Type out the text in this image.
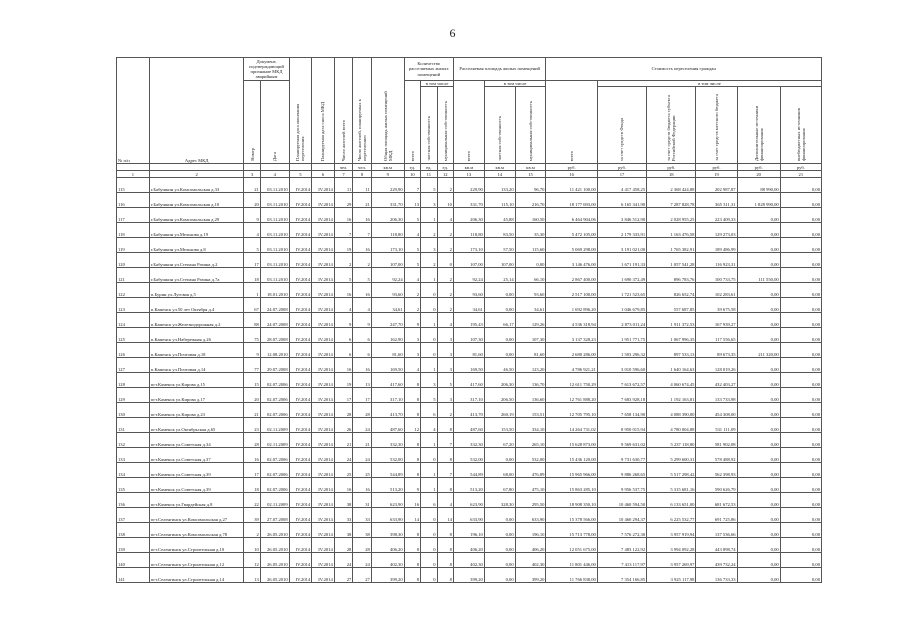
6
№ п/п	Адрес МКД	Документ, подтверждающий признание МКД аварийным		Планируемая дата окончания переселения	Планируемая дата сноса МКД	Число жителей всего	Число жителей, планируемых к переселению	Общая площадь жилых помещений МКД	Количество расселяемых жилых помещений			Расселяемая площадь жилых помещений			Стоимость переселения граждан					
		Номер	Дата						всего	в том числе		всего	в том числе		всего	в том числе				
										частная собственность	муниципальная собственность		частная собственность	муниципальная собственность		за счет средств Фонда	за счет средств бюджета субъекта Российской Федерации	за счет средств местного бюджета	Дополнительные источники финансирования	внебюджетных источников финансирования
						чел.	чел.	кв.м	ед.	ед.	ед.	кв.м	кв.м	кв.м	руб.	руб.	руб.	руб.	руб.	руб.
1	2	3	4	5	6	7	8	9	10	11	12	13	14	15	16	17	18	19	20	21
115	г.Бабушкин ул.Комсомольская д.33	21	03.11.2010	IV.2014	IV.2014	11	11	229,90	7	5	2	229,90	133,20	96,70	11 421 100,00	4 417 458,25	2 368 424,88	202 987,87	88 990,00	0,00
116	г.Бабушкин ул.Комсомольская д.10	20	03.11.2010	IV.2014	IV.2014	29	21	331,70	13	3	10	331,70	115,10	216,70	18 177 693,00	6 165 341,90	7 287 828,78	365 311,31	1 828 990,00	0,00
117	г.Бабушкин ул.Комсомольская д.29	9	03.11.2010	IV.2014	IV.2014	16	16	206,30	5	1	4	206,30	45,88	160,50	6 464 904,06	3 846 512,90	2 028 955,25	223 409,33	0,00	0,00
118	г.Бабушкин ул.Мелькова д.19	4	03.11.2010	IV.2014	IV.2014	7	7	118,80	4	2	2	118,80	83,50	35,30	5 472 105,00	2 179 333,91	1 163 476,58	129 273,03	0,00	0,00
119	г.Бабушкин ул.Мелькова д.8	5	03.11.2010	IV.2014	IV.2014	19	16	173,10	5	3	2	173,10	57,50	115,60	5 069 298,00	3 191 021,00	1 765 382,91	189 486,99	0,00	0,00
120	г.Бабушкин ул.Степана Разина д.2	17	03.11.2010	IV.2014	IV.2014	2	2	107,00	5	2	0	107,00	107,00	0,00	3 146 476,00	1 671 191,33	1 057 541,28	116 923,31	0,00	0,00
121	г.Бабушкин ул.Степана Разина д.7а	18	03.11.2010	IV.2014	IV.2014	5	5	92,24	4	1	2	92,24	25,14	66,10	2 867 400,00	1 690 372,49	896 783,76	100 733,75	111 550,00	0,00
122	п.Бурин ул.Луговая д.5	1	18.01.2010	IV.2014	IV.2014	16	16	93,60	2	0	2	93,60	0,00	93,60	2 517 100,00	1 721 523,65	826 652,74	102 283,61	0,00	0,00
123	п.Каменск ул.50 лет Октября д.4	67	24.07.2008	IV.2014	IV.2014	4	4	34,61	2	0	2	34,61	0,00	34,61	1 692 896,20	1 046 679,85	557 687,85	39 675,58	0,00	0,00
124	п.Каменск ул.Железнодорожная д.2	88	24.07.2008	IV.2014	IV.2014	9	9	247,70	9	1	4	195,43	66,17	129,26	4 536 318,94	2 873 011,24	1 911 372,53	167 939,27	0,00	0,00
125	п.Каменск ул.Набережная д.26	75	28.07.2008	IV.2014	IV.2014	6	6	162,90	3	0	3	107,30	0,00	107,30	3 137 328,23	1 951 771,75	1 067 996,35	117 556,65	0,00	0,00
126	п.Каменск ул.Почтовая д.18	9	12.08.2010	IV.2014	IV.2014	6	6	81,60	3	0	3	81,60	0,00	81,60	2 680 286,00	1 503 296,32	897 533,13	89 673,35	211 320,00	0,00
127	п.Каменск ул.Почтовая д.14	77	29.07.2008	IV.2014	IV.2014	16	16	169,50	4	1	3	169,50	46,50	123,20	4 786 921,21	3 010 596,60	1 640 164,63	128 019,26	0,00	0,00
128	пгт.Каменск ул.Кирова д.15	15	02.07.2006	IV.2014	IV.2014	19	13	417,60	8	3	5	417,60	206,30	136,70	12 611 750,29	7 613 672,57	4 060 674,45	432 403,27	0,00	0,00
129	пгт.Каменск ул.Кирова д.17	20	02.07.2006	IV.2014	IV.2014	17	17	317,10	8	5	3	317,10	206,50	136,60	12 761 888,20	7 683 928,18	1 192 163,81	133 733,98	0,00	0,00
130	пгт.Каменск ул.Кирова д.23	21	02.07.2006	IV.2014	IV.2014	28	28	413,70	8	6	2	413,70	260,19	153,51	12 705 795,10	7 658 134,90	4 088 390,00	454 308,00	0,00	0,00
131	пгт.Каменск ул.Октябрьская д.65	23	02.11.2009	IV.2014	IV.2014	26	24	487,60	12	4	8	487,60	153,50	334,10	14 264 731,02	8 950 015,94	4 780 004,88	531 111,09	0,00	0,00
132	пгт.Каменск ул.Советская д.34	28	02.11.2009	IV.2014	IV.2014	21	21	332,30	8	1	7	332,30	67,20	265,10	15 628 873,00	9 569 631,02	5 237 118,80	581 902,08	0,00	0,00
133	пгт.Каменск ул.Советская д.37	16	02.07.2006	IV.2014	IV.2014	24	24	532,00	8	0	8	532,00	0,00	532,00	15 436 120,00	9 731 630,77	5 299 600,31	578 488,92	0,00	0,00
134	пгт.Каменск ул.Советская д.39	17	02.07.2006	IV.2014	IV.2014	25	25	544,89	8	1	7	544,89	68,00	476,89	15 965 966,00	9 886 268,65	5 517 298,42	562 398,93	0,00	0,00
135	пгт.Каменск ул.Советская д.39	18	02.07.2006	IV.2014	IV.2014	16	16	513,20	9	1	8	513,20	67,80	475,10	15 863 285,10	9 956 537,75	5 315 681,16	590 626,79	0,00	0,00
136	пгт.Каменск ул.Гвардейская д.8	22	02.11.2009	IV.2014	IV.2014	38	31	623,90	16	6	4	623,90	328,30	295,50	18 908 350,10	10 460 594,50	6 133 651,00	681 672,53	0,00	0,00
137	пгт.Селенгинск ул.Комсомольская д.27	39	27.07.2008	IV.2014	IV.2014	33	33	633,90	14	0	14	633,90	0,00	633,90	15 378 566,00	10 460 294,37	6 225 532,77	691 725,86	0,00	0,00
138	пгт.Селенгинск ул.Комсомольская д.78	2	26.05.2010	IV.2014	IV.2014	38	38	398,30	8	0	8	196,10	0,00	196,10	15 713 778,00	7 576 272,30	3 957 919,94	137 536,66	0,00	0,00
139	пгт.Селенгинск ул.Строительная д.10	10	26.05.2010	IV.2014	IV.2014	28	28	406,20	8	0	8	406,20	0,00	406,20	12 051 675,00	7 483 122,92	3 994 092,28	443 898,74	0,00	0,00
140	пгт.Селенгинск ул.Строительная д.12	12	26.05.2010	IV.2014	IV.2014	24	24	402,30	8	0	8	402,30	0,00	402,30	11 801 446,00	7 413 117,97	3 957 269,97	439 732,24	0,00	0,00
141	пгт.Селенгинск ул.Строительная д.14	13	26.05.2010	IV.2014	IV.2014	27	27	399,20	8	0	8	399,20	0,00	399,20	11 766 838,00	7 354 166,85	3 925 117,98	136 733,33	0,00	0,00
